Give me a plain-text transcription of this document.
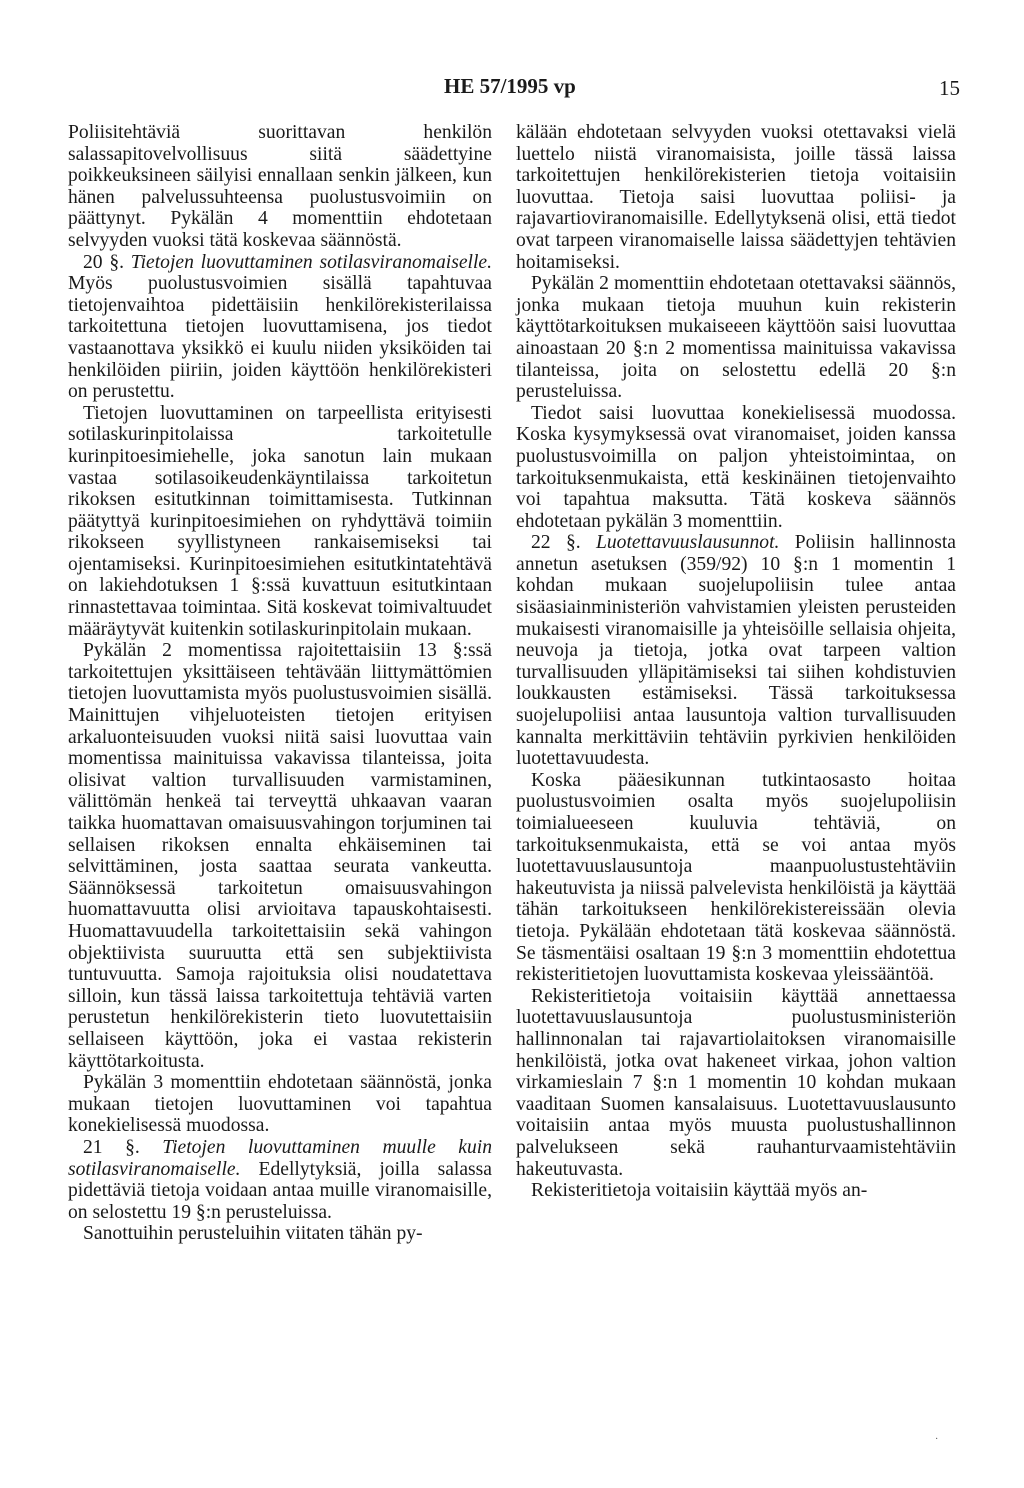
HE 57/1995 vp	15

Poliisitehtäviä suorittavan henkilön salassapitovelvollisuus siitä säädettyine poikkeuksineen säilyisi ennallaan senkin jälkeen, kun hänen palvelussuhteensa puolustusvoimiin on päättynyt. Pykälän 4 momenttiin ehdotetaan selvyyden vuoksi tätä koskevaa säännöstä.

20 §. Tietojen luovuttaminen sotilasviranomaiselle. Myös puolustusvoimien sisällä tapahtuvaa tietojenvaihtoa pidettäisiin henkilörekisterilaissa tarkoitettuna tietojen luovuttamisena, jos tiedot vastaanottava yksikkö ei kuulu niiden yksiköiden tai henkilöiden piiriin, joiden käyttöön henkilörekisteri on perustettu.

Tietojen luovuttaminen on tarpeellista erityisesti sotilaskurinpitolaissa tarkoitetulle kurinpitoesimiehelle, joka sanotun lain mukaan vastaa sotilasoikeudenkäyntilaissa tarkoitetun rikoksen esitutkinnan toimittamisesta. Tutkinnan päätyttyä kurinpitoesimiehen on ryhdyttävä toimiin rikokseen syyllistyneen rankaisemiseksi tai ojentamiseksi. Kurinpitoesimiehen esitutkintatehtävä on lakiehdotuksen 1 §:ssä kuvattuun esitutkintaan rinnastettavaa toimintaa. Sitä koskevat toimivaltuudet määräytyvät kuitenkin sotilaskurinpitolain mukaan.

Pykälän 2 momentissa rajoitettaisiin 13 §:ssä tarkoitettujen yksittäiseen tehtävään liittymättömien tietojen luovuttamista myös puolustusvoimien sisällä. Mainittujen vihjeluoteisten tietojen erityisen arkaluonteisuuden vuoksi niitä saisi luovuttaa vain momentissa mainituissa vakavissa tilanteissa, joita olisivat valtion turvallisuuden varmistaminen, välittömän henkeä tai terveyttä uhkaavan vaaran taikka huomattavan omaisuusvahingon torjuminen tai sellaisen rikoksen ennalta ehkäiseminen tai selvittäminen, josta saattaa seurata vankeutta. Säännöksessä tarkoitetun omaisuusvahingon huomattavuutta olisi arvioitava tapauskohtaisesti. Huomattavuudella tarkoitettaisiin sekä vahingon objektiivista suuruutta että sen subjektiivista tuntuvuutta. Samoja rajoituksia olisi noudatettava silloin, kun tässä laissa tarkoitettuja tehtäviä varten perustetun henkilörekisterin tieto luovutettaisiin sellaiseen käyttöön, joka ei vastaa rekisterin käyttötarkoitusta.

Pykälän 3 momenttiin ehdotetaan säännöstä, jonka mukaan tietojen luovuttaminen voi tapahtua konekielisessä muodossa.

21 §. Tietojen luovuttaminen muulle kuin sotilasviranomaiselle. Edellytyksiä, joilla salassa pidettäviä tietoja voidaan antaa muille viranomaisille, on selostettu 19 §:n perusteluissa.

Sanottuihin perusteluihin viitaten tähän py-

kälään ehdotetaan selvyyden vuoksi otettavaksi vielä luettelo niistä viranomaisista, joille tässä laissa tarkoitettujen henkilörekisterien tietoja voitaisiin luovuttaa. Tietoja saisi luovuttaa poliisi- ja rajavartioviranomaisille. Edellytyksenä olisi, että tiedot ovat tarpeen viranomaiselle laissa säädettyjen tehtävien hoitamiseksi.

Pykälän 2 momenttiin ehdotetaan otettavaksi säännös, jonka mukaan tietoja muuhun kuin rekisterin käyttötarkoituksen mukaiseeen käyttöön saisi luovuttaa ainoastaan 20 §:n 2 momentissa mainituissa vakavissa tilanteissa, joita on selostettu edellä 20 §:n perusteluissa.

Tiedot saisi luovuttaa konekielisessä muodossa. Koska kysymyksessä ovat viranomaiset, joiden kanssa puolustusvoimilla on paljon yhteistoimintaa, on tarkoituksenmukaista, että keskinäinen tietojenvaihto voi tapahtua maksutta. Tätä koskeva säännös ehdotetaan pykälän 3 momenttiin.

22 §. Luotettavuuslausunnot. Poliisin hallinnosta annetun asetuksen (359/92) 10 §:n 1 momentin 1 kohdan mukaan suojelupoliisin tulee antaa sisäasiainministeriön vahvistamien yleisten perusteiden mukaisesti viranomaisille ja yhteisöille sellaisia ohjeita, neuvoja ja tietoja, jotka ovat tarpeen valtion turvallisuuden ylläpitämiseksi tai siihen kohdistuvien loukkausten estämiseksi. Tässä tarkoituksessa suojelupoliisi antaa lausuntoja valtion turvallisuuden kannalta merkittäviin tehtäviin pyrkivien henkilöiden luotettavuudesta.

Koska pääesikunnan tutkintaosasto hoitaa puolustusvoimien osalta myös suojelupoliisin toimialueeseen kuuluvia tehtäviä, on tarkoituksenmukaista, että se voi antaa myös luotettavuuslausuntoja maanpuolustustehtäviin hakeutuvista ja niissä palvelevista henkilöistä ja käyttää tähän tarkoitukseen henkilörekistereissään olevia tietoja. Pykälään ehdotetaan tätä koskevaa säännöstä. Se täsmentäisi osaltaan 19 §:n 3 momenttiin ehdotettua rekisteritietojen luovuttamista koskevaa yleissääntöä.

Rekisteritietoja voitaisiin käyttää annettaessa luotettavuuslausuntoja puolustusministeriön hallinnonalan tai rajavartiolaitoksen viranomaisille henkilöistä, jotka ovat hakeneet virkaa, johon valtion virkamieslain 7 §:n 1 momentin 10 kohdan mukaan vaaditaan Suomen kansalaisuus. Luotettavuuslausunto voitaisiin antaa myös muusta puolustushallinnon palvelukseen sekä rauhanturvaamistehtäviin hakeutuvasta.

Rekisteritietoja voitaisiin käyttää myös an-

·
